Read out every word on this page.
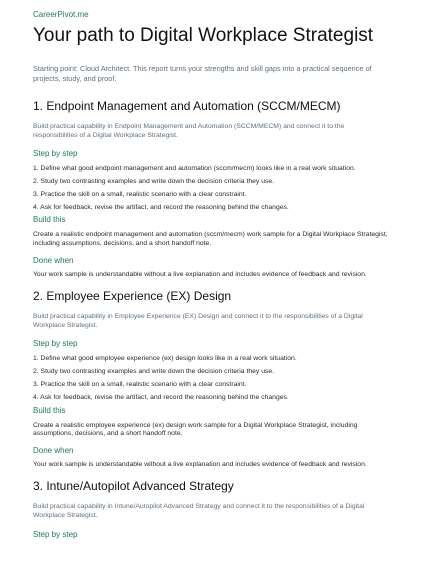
CareerPivot.me
Your path to Digital Workplace Strategist

Starting point: Cloud Architect. This report turns your strengths and skill gaps into a practical sequence of projects, study, and proof.

1. Endpoint Management and Automation (SCCM/MECM)

Build practical capability in Endpoint Management and Automation (SCCM/MECM) and connect it to the responsibilities of a Digital Workplace Strategist.

Step by step
1. Define what good endpoint management and automation (sccm/mecm) looks like in a real work situation.
2. Study two contrasting examples and write down the decision criteria they use.
3. Practice the skill on a small, realistic scenario with a clear constraint.
4. Ask for feedback, revise the artifact, and record the reasoning behind the changes.
Build this

Create a realistic endpoint management and automation (sccm/mecm) work sample for a Digital Workplace Strategist, including assumptions, decisions, and a short handoff note.

Done when

Your work sample is understandable without a live explanation and includes evidence of feedback and revision.

2. Employee Experience (EX) Design

Build practical capability in Employee Experience (EX) Design and connect it to the responsibilities of a Digital Workplace Strategist.

Step by step
1. Define what good employee experience (ex) design looks like in a real work situation.
2. Study two contrasting examples and write down the decision criteria they use.
3. Practice the skill on a small, realistic scenario with a clear constraint.
4. Ask for feedback, revise the artifact, and record the reasoning behind the changes.
Build this

Create a realistic employee experience (ex) design work sample for a Digital Workplace Strategist, including assumptions, decisions, and a short handoff note.

Done when

Your work sample is understandable without a live explanation and includes evidence of feedback and revision.

3. Intune/Autopilot Advanced Strategy

Build practical capability in Intune/Autopilot Advanced Strategy and connect it to the responsibilities of a Digital Workplace Strategist.

Step by step
